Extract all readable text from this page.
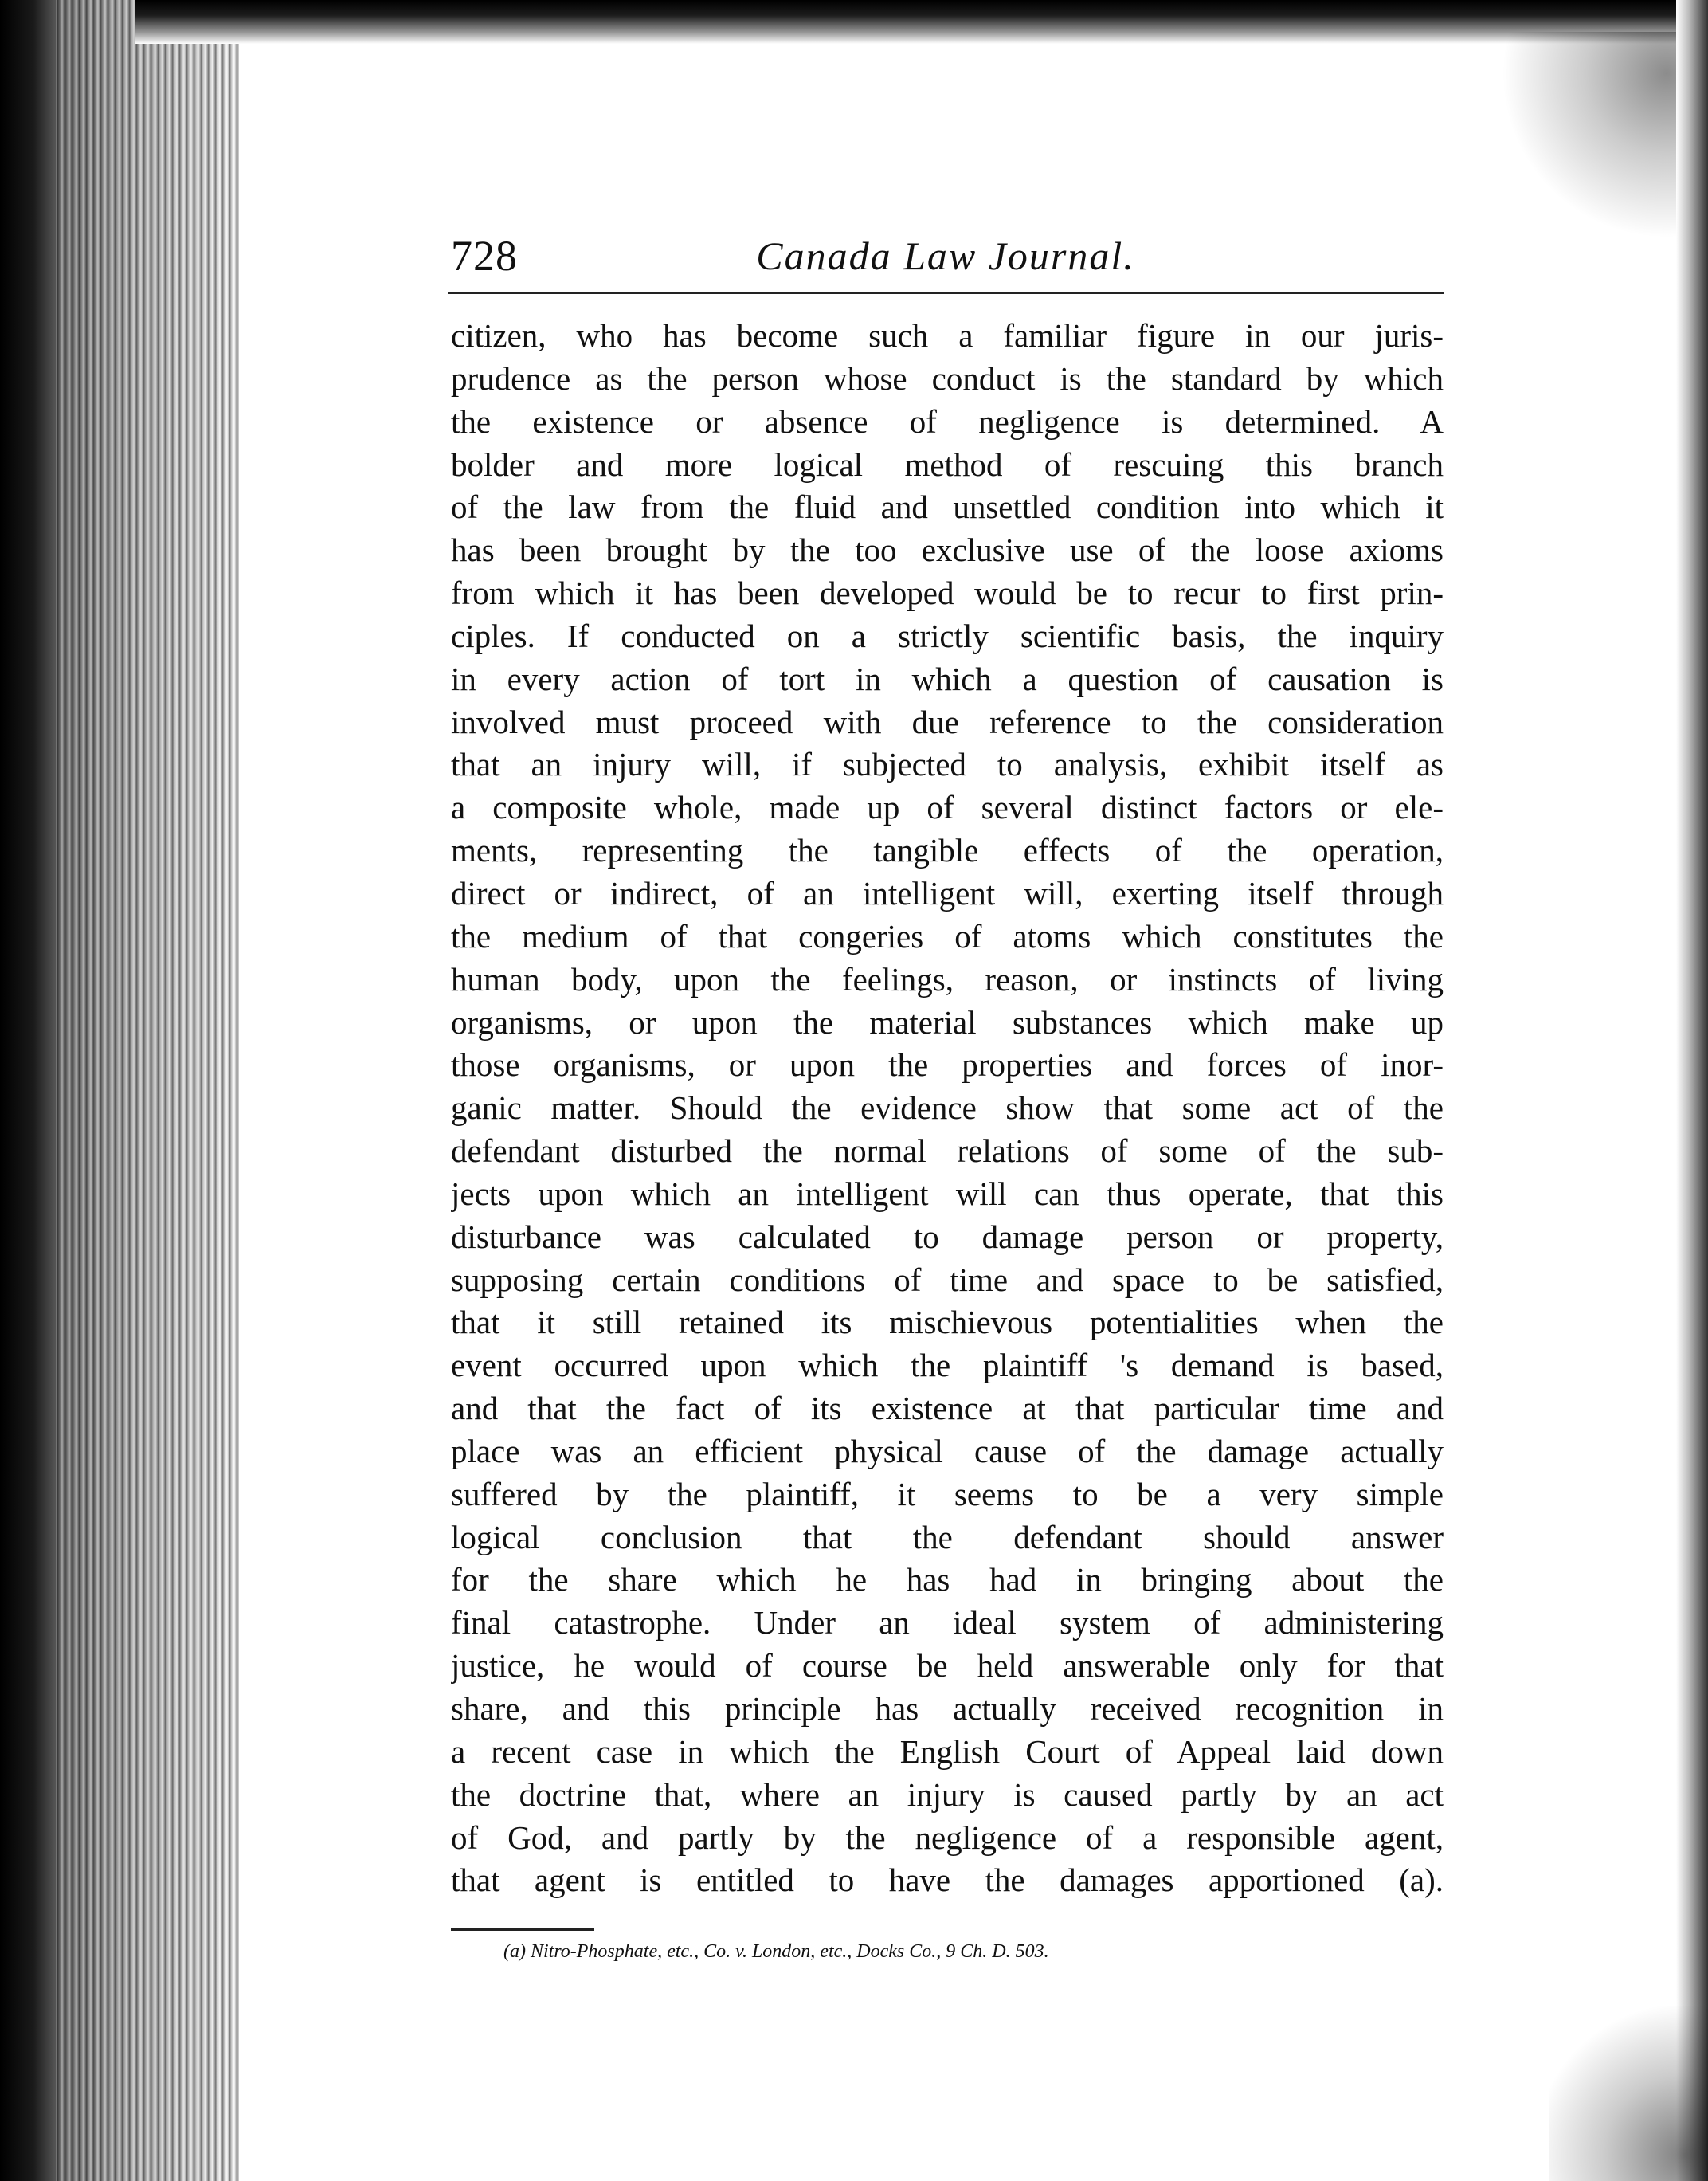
728	Canada Law Journal.
citizen, who has become such a familiar figure in our juris-
prudence as the person whose conduct is the standard by which
the existence or absence of negligence is determined. A
bolder and more logical method of rescuing this branch
of the law from the fluid and unsettled condition into which it
has been brought by the too exclusive use of the loose axioms
from which it has been developed would be to recur to first prin-
ciples. If conducted on a strictly scientific basis, the inquiry
in every action of tort in which a question of causation is
involved must proceed with due reference to the consideration
that an injury will, if subjected to analysis, exhibit itself as
a composite whole, made up of several distinct factors or ele-
ments, representing the tangible effects of the operation,
direct or indirect, of an intelligent will, exerting itself through
the medium of that congeries of atoms which constitutes the
human body, upon the feelings, reason, or instincts of living
organisms, or upon the material substances which make up
those organisms, or upon the properties and forces of inor-
ganic matter. Should the evidence show that some act of the
defendant disturbed the normal relations of some of the sub-
jects upon which an intelligent will can thus operate, that this
disturbance was calculated to damage person or property,
supposing certain conditions of time and space to be satisfied,
that it still retained its mischievous potentialities when the
event occurred upon which the plaintiff 's demand is based,
and that the fact of its existence at that particular time and
place was an efficient physical cause of the damage actually
suffered by the plaintiff, it seems to be a very simple
logical conclusion that the defendant should answer
for the share which he has had in bringing about the
final catastrophe. Under an ideal system of administering
justice, he would of course be held answerable only for that
share, and this principle has actually received recognition in
a recent case in which the English Court of Appeal laid down
the doctrine that, where an injury is caused partly by an act
of God, and partly by the negligence of a responsible agent,
that agent is entitled to have the damages apportioned (a).
(a) Nitro-Phosphate, etc., Co. v. London, etc., Docks Co., 9 Ch. D. 503.
